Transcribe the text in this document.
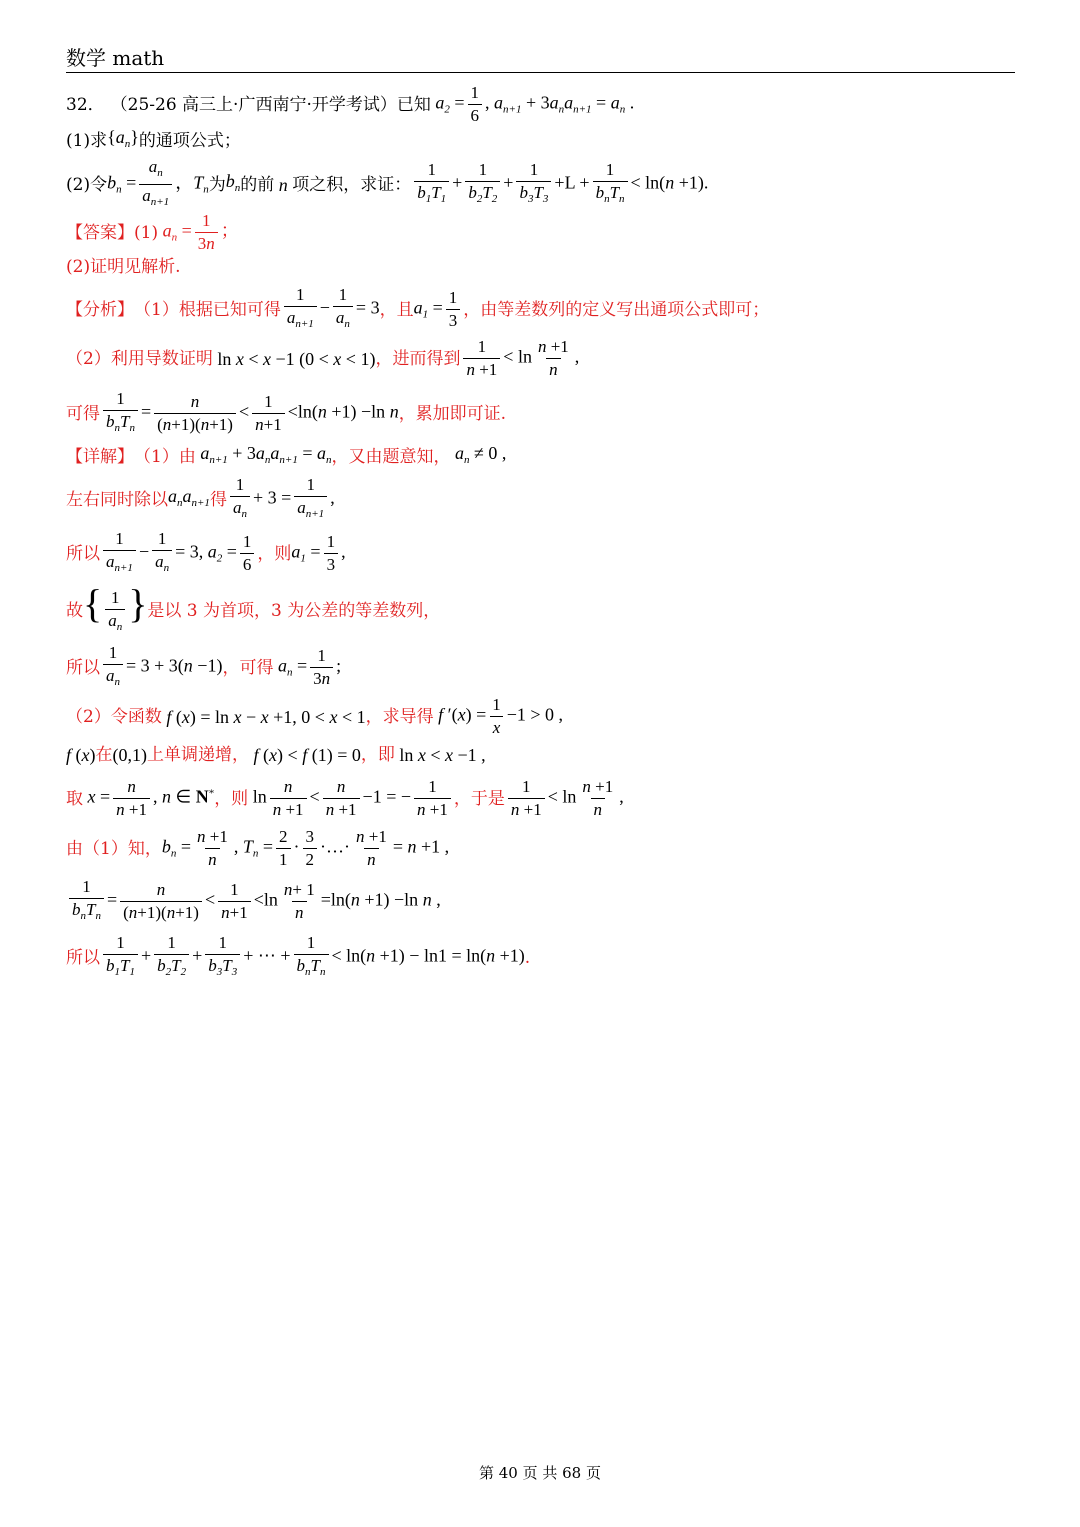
数学 math
32． （25-26 高三上·广西南宁·开学考试）已知 $a_2 = \frac{1}{6}$ , $a_{n+1} + 3a_na_{n+1} = a_n$ .
(1)求 $\{a_n\}$ 的通项公式；
(2)令 $b_n = \frac{a_n}{a_{n+1}}$ ，$T_n$ 为 $b_n$ 的前 n 项之积，求证： $\frac{1}{b_1T_1} + \frac{1}{b_2T_2} + \frac{1}{b_3T_3} +L + \frac{1}{b_nT_n} < \ln(n +1)$.
【答案】 (1) $a_n = \frac{1}{3n}$ ；
(2)证明见解析.
【分析】 （1）根据已知可得 $\frac{1}{a_{n+1}} - \frac{1}{a_n} = 3$ ，且 $a_1 = \frac{1}{3}$ ，由等差数列的定义写出通项公式即可；
（2）利用导数证明 ln x < x −1 (0 < x < 1) ，进而得到 $\frac{1}{n +1} < \ln \frac{n +1}{n}$ ,
可得 $\frac{1}{b_nT_n} = \frac{n}{(n+1)(n+1)} < \frac{1}{n+1} <\ln(n +1) -\ln$ n ，累加即可证.
【详解】 （1）由 $a_{n+1} + 3a_na_{n+1} = a_n$ ，又由题意知， $a_n \ne 0$ ,
左右同时除以 $a_na_{n+1}$ 得 $\frac{1}{a_n} + 3 = \frac{1}{a_{n+1}}$ ,
所以 $\frac{1}{a_{n+1}} - \frac{1}{a_n} = 3$, $a_2 = \frac{1}{6}$ ，则 $a_1 = \frac{1}{3}$ ,
故 { $\frac{1}{a_n}$ } 是以 3 为首项，3 为公差的等差数列，
所以 $\frac{1}{a_n} = 3 + 3(n -1)$ ，可得 $a_n = \frac{1}{3n}$ ;
（2）令函数 f (x) = ln x − x +1, 0 < x < 1 ，求导得 f $'(x) = \frac{1}{x} -1 > 0$ ,
f (x) 在 (0,1) 上单调递增， f (x) < f (1) = 0 ，即 ln x < x −1 ,
取 $x = \frac{n}{n +1}$ , n ∈ N* ，则 $\ln \frac{n}{n +1} < \frac{n}{n +1} -1$ = − $\frac{1}{n +1}$ ，于是 $\frac{1}{n +1} < \ln \frac{n +1}{n}$ ,
由（1）知， $b_n = \frac{n +1}{n}$ , $T_n = \frac{2}{1} \cdot \frac{3}{2}$ ·…· $\frac{n +1}{n} = n +1$ ,
$\frac{1}{b_nT_n} = \frac{n}{(n+1)(n+1)} < \frac{1}{n+1} <\ln \frac{n+ 1}{n} =\ln(n +1) -\ln$ n ,
所以 $\frac{1}{b_1T_1} + \frac{1}{b_2T_2} + \frac{1}{b_3T_3}$ + ⋯ + $\frac{1}{b_nT_n} < \ln(n +1) - \ln 1 = \ln(n +1)$ .
第 40 页 共 68 页
